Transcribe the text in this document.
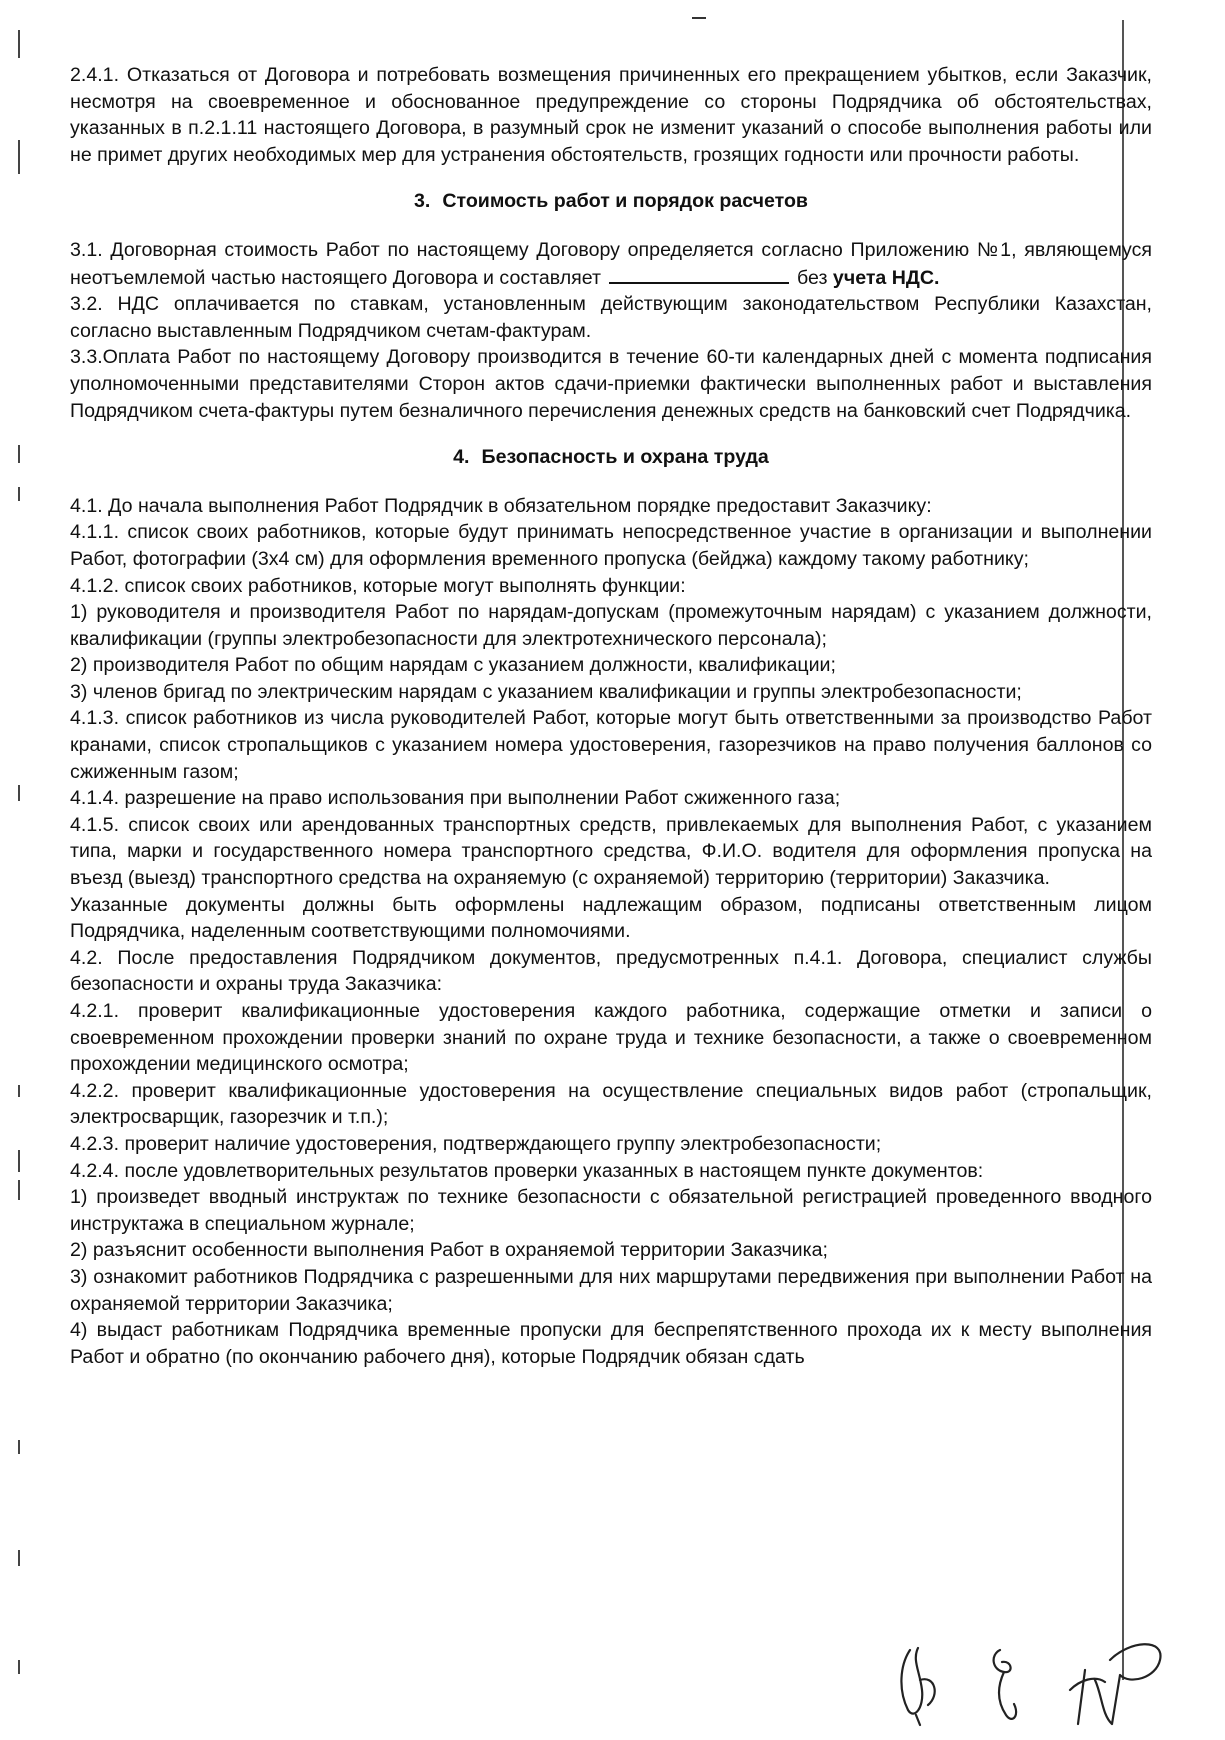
2.4.1. Отказаться от Договора и потребовать возмещения причиненных его прекращением убытков, если Заказчик, несмотря на своевременное и обоснованное предупреждение со стороны Подрядчика об обстоятельствах, указанных в п.2.1.11 настоящего Договора, в разумный срок не изменит указаний о способе выполнения работы или не примет других необходимых мер для устранения обстоятельств, грозящих годности или прочности работы.

3. Стоимость работ и порядок расчетов

3.1. Договорная стоимость Работ по настоящему Договору определяется согласно Приложению №1, являющемуся неотъемлемой частью настоящего Договора и составляет	без учета НДС.

3.2. НДС оплачивается по ставкам, установленным действующим законодательством Республики Казахстан, согласно выставленным Подрядчиком счетам-фактурам.

3.3.Оплата Работ по настоящему Договору производится в течение 60-ти календарных дней с момента подписания уполномоченными представителями Сторон актов сдачи-приемки фактически выполненных работ и выставления Подрядчиком счета-фактуры путем безналичного перечисления денежных средств на банковский счет Подрядчика.

4. Безопасность и охрана труда

4.1. До начала выполнения Работ Подрядчик в обязательном порядке предоставит Заказчику:

4.1.1. список своих работников, которые будут принимать непосредственное участие в организации и выполнении Работ, фотографии (3х4 см) для оформления временного пропуска (бейджа) каждому такому работнику;

4.1.2. список своих работников, которые могут выполнять функции:

1) руководителя и производителя Работ по нарядам-допускам (промежуточным нарядам) с указанием должности, квалификации (группы электробезопасности для электротехнического персонала);

2) производителя Работ по общим нарядам с указанием должности, квалификации;

3) членов бригад по электрическим нарядам с указанием квалификации и группы электробезопасности;

4.1.3. список работников из числа руководителей Работ, которые могут быть ответственными за производство Работ кранами, список стропальщиков с указанием номера удостоверения, газорезчиков на право получения баллонов со сжиженным газом;

4.1.4. разрешение на право использования при выполнении Работ сжиженного газа;

4.1.5. список своих или арендованных транспортных средств, привлекаемых для выполнения Работ, с указанием типа, марки и государственного номера транспортного средства, Ф.И.О. водителя для оформления пропуска на въезд (выезд) транспортного средства на охраняемую (с охраняемой) территорию (территории) Заказчика.

Указанные документы должны быть оформлены надлежащим образом, подписаны ответственным лицом Подрядчика, наделенным соответствующими полномочиями.

4.2. После предоставления Подрядчиком документов, предусмотренных п.4.1. Договора, специалист службы безопасности и охраны труда Заказчика:

4.2.1. проверит квалификационные удостоверения каждого работника, содержащие отметки и записи о своевременном прохождении проверки знаний по охране труда и технике безопасности, а также о своевременном прохождении медицинского осмотра;

4.2.2. проверит квалификационные удостоверения на осуществление специальных видов работ (стропальщик, электросварщик, газорезчик и т.п.);

4.2.3. проверит наличие удостоверения, подтверждающего группу электробезопасности;

4.2.4. после удовлетворительных результатов проверки указанных в настоящем пункте документов:

1) произведет вводный инструктаж по технике безопасности с обязательной регистрацией проведенного вводного инструктажа в специальном журнале;

2) разъяснит особенности выполнения Работ в охраняемой территории Заказчика;

3) ознакомит работников Подрядчика с разрешенными для них маршрутами передвижения при выполнении Работ на охраняемой территории Заказчика;

4) выдаст работникам Подрядчика временные пропуски для беспрепятственного прохода их к месту выполнения Работ и обратно (по окончанию рабочего дня), которые Подрядчик обязан сдать
